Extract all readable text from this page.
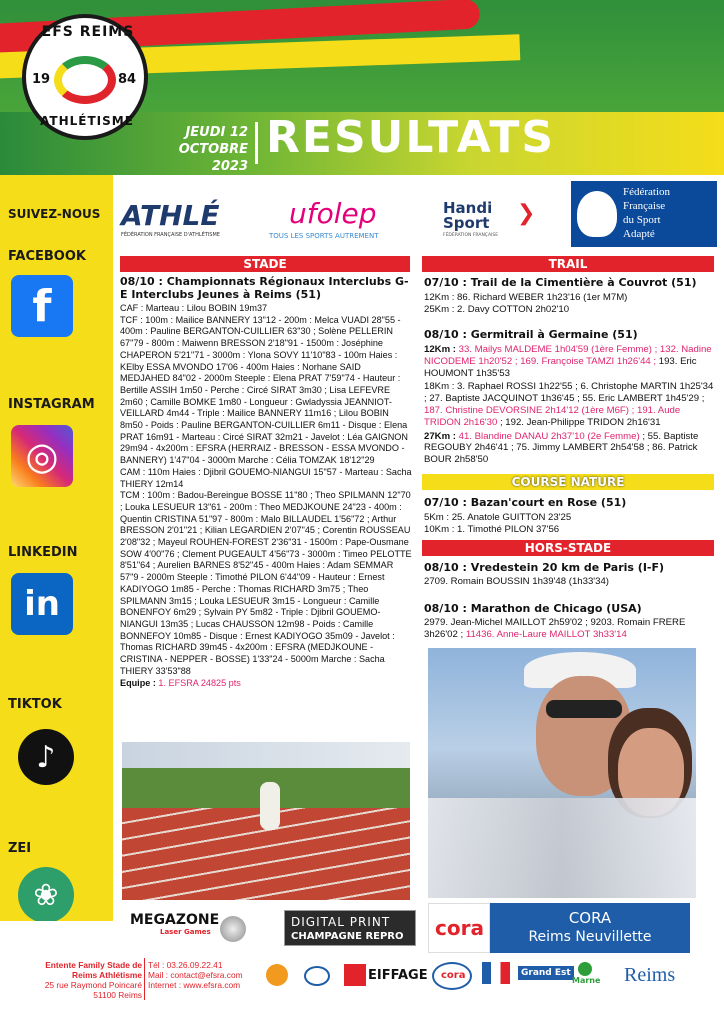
EFS REIMS
19	84
ATHLÉTISME
JEUDI 12
OCTOBRE 2023
RESULTATS
SUIVEZ-NOUS
FACEBOOK
f
INSTAGRAM
◎
LINKEDIN
in
TIKTOK
♪
ZEI
❀
ATHLÉ
FÉDÉRATION FRANÇAISE D'ATHLÉTISME
ufolep
TOUS LES SPORTS AUTREMENT
Handi Sport
FÉDÉRATION FRANÇAISE
❯
Fédération
Française
du Sport
Adapté
STADE
08/10 : Championnats Régionaux Interclubs G-E Interclubs Jeunes à Reims (51)
CAF : Marteau : Lilou BOBIN 19m37
TCF : 100m : Mailice BANNERY 13"12 - 200m : Melca VUADI 28"55 - 400m : Pauline BERGANTON-CUILLIER 63"30 ; Solène PELLERIN 67"79 - 800m : Maiwenn BRESSON 2'18"91 - 1500m : Joséphine CHAPERON 5'21"71 - 3000m : Ylona SOVY 11'10"83 - 100m Haies : KElby ESSA MVONDO 17'06 - 400m Haies : Norhane SAID MEDJAHED 84"02 - 2000m Steeple : Elena PRAT 7'59"74 - Hauteur : Bertille ASSIH 1m50 - Perche : Circé SIRAT 3m30 ; Lisa LEFEVRE 2m60 ; Camille BOMKE 1m80 - Longueur : Gwladyssia JEANNIOT-VEILLARD 4m44 - Triple : Mailice BANNERY 11m16 ; Lilou BOBIN 8m50 - Poids : Pauline BERGANTON-CUILLIER 6m11 - Disque : Elena PRAT 16m91 - Marteau : Circé SIRAT 32m21 - Javelot : Léa GAIGNON 29m94 - 4x200m : EFSRA (HERRAIZ - BRESSON - ESSA MVONDO - BANNERY) 1'47"04 - 3000m Marche : Célia TOMZAK 18'12"29
CAM : 110m Haies : Djibril GOUEMO-NIANGUI 15"57 - Marteau : Sacha THIERY 12m14
TCM : 100m : Badou-Bereingue BOSSE 11"80 ; Theo SPILMANN 12"70 ; Louka LESUEUR 13"61 - 200m : Theo MEDJKOUNE 24"23 - 400m : Quentin CRISTINA 51"97 - 800m : Malo BILLAUDEL 1'56"72 ; Arthur BRESSON 2'01"21 ; Kilian LEGARDIEN 2'07"45 ; Corentin ROUSSEAU 2'08"32 ; Mayeul ROUHEN-FOREST 2'36"31 - 1500m : Pape-Ousmane SOW 4'00"76 ; Clement PUGEAULT 4'56"73 - 3000m : Timeo PELOTTE 8'51"64 ; Aurelien BARNES 8'52"45 - 400m Haies : Adam SEMMAR 57"9 - 2000m Steeple : Timothé PILON 6'44"09 - Hauteur : Ernest KADIYOGO 1m85 - Perche : Thomas RICHARD 3m75 ; Theo SPILMANN 3m15 ; Louka LESUEUR 3m15 - Longueur : Camille BONENFOY 6m29 ; Sylvain PY 5m82 - Triple : Djibril GOUEMO-NIANGUI 13m35 ; Lucas CHAUSSON 12m98 - Poids : Camille BONNEFOY 10m85 - Disque : Ernest KADIYOGO 35m09 - Javelot : Thomas RICHARD 39m45 - 4x200m : EFSRA (MEDJKOUNE - CRISTINA - NEPPER - BOSSE) 1'33"24 - 5000m Marche : Sacha THIERY 33'53"88
Equipe : 1. EFSRA 24825 pts
TRAIL
07/10 : Trail de la Cimentière à Couvrot (51)
12Km : 86. Richard WEBER 1h23'16 (1er M7M)
25Km : 2. Davy COTTON 2h02'10
08/10 : Germitrail à Germaine (51)
12Km : 33. Mailys MALDEME 1h04'59 (1ère Femme) ; 132. Nadine NICODEME 1h20'52 ; 169. Françoise TAMZI 1h26'44 ; 193. Eric HOUMONT 1h35'53
18Km : 3. Raphael ROSSI 1h22'55 ; 6. Christophe MARTIN 1h25'34 ; 27. Baptiste JACQUINOT 1h36'45 ; 55. Eric LAMBERT 1h45'29 ; 187. Christine DEVORSINE 2h14'12 (1ère M6F) ; 191. Aude TRIDON 2h16'30 ; 192. Jean-Philippe TRIDON 2h16'31
27Km : 41. Blandine DANAU 2h37'10 (2e Femme) ; 55. Baptiste REGOUBY 2h46'41 ; 75. Jimmy LAMBERT 2h54'58 ; 86. Patrick BOUR 2h58'50
COURSE NATURE
07/10 : Bazan'court en Rose (51)
5Km : 25. Anatole GUITTON 23'25
10Km : 1. Timothé PILON 37'56
HORS-STADE
08/10 : Vredestein 20 km de Paris (I-F)
2709. Romain BOUSSIN 1h39'48 (1h33'34)
08/10 : Marathon de Chicago (USA)
2979. Jean-Michel MAILLOT 2h59'02 ; 9203. Romain FRERE 3h26'02 ; 11436. Anne-Laure MAILLOT 3h33'14
MEGAZONE
Laser Games
DIGITAL PRINT
CHAMPAGNE REPRO cora	CORA
Reims Neuvillette
Entente Family Stade de
Reims Athlétisme
25 rue Raymond Poincaré
51100 Reims
Tél : 03.26.09.22.41
Mail : contact@efsra.com
Internet : www.efsra.com
EIFFAGE cora	Grand Est
Marne Reims
